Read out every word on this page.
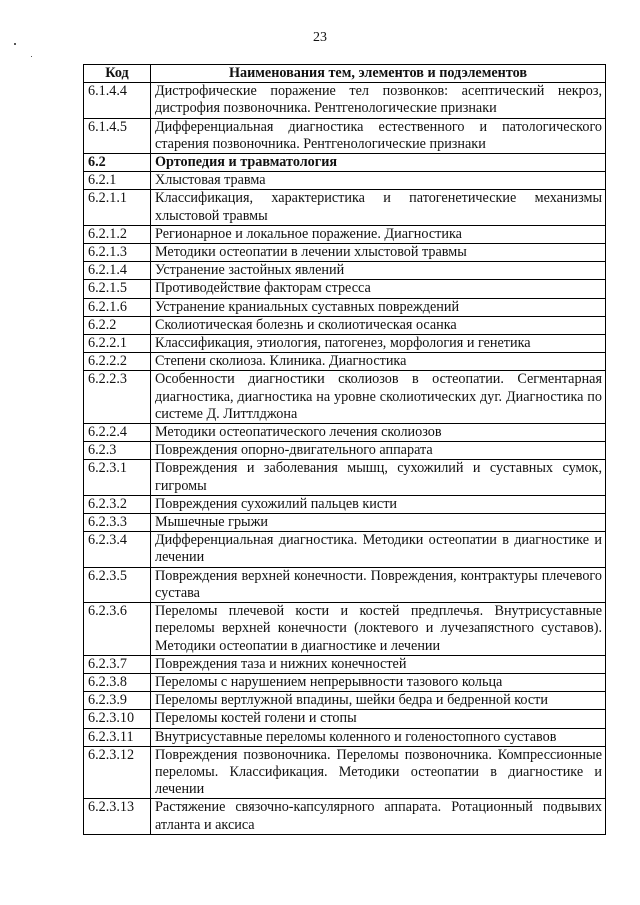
23
Код	Наименования тем, элементов и подэлементов
6.1.4.4	Дистрофические поражение тел позвонков: асептический некроз, дистрофия позвоночника. Рентгенологические признаки
6.1.4.5	Дифференциальная диагностика естественного и патологического старения позвоночника. Рентгенологические признаки
6.2	Ортопедия и травматология
6.2.1	Хлыстовая травма
6.2.1.1	Классификация, характеристика и патогенетические механизмы хлыстовой травмы
6.2.1.2	Регионарное и локальное поражение. Диагностика
6.2.1.3	Методики остеопатии в лечении хлыстовой травмы
6.2.1.4	Устранение застойных явлений
6.2.1.5	Противодействие факторам стресса
6.2.1.6	Устранение краниальных суставных повреждений
6.2.2	Сколиотическая болезнь и сколиотическая осанка
6.2.2.1	Классификация, этиология, патогенез, морфология и генетика
6.2.2.2	Степени сколиоза. Клиника. Диагностика
6.2.2.3	Особенности диагностики сколиозов в остеопатии. Сегментарная диагностика, диагностика на уровне сколиотических дуг. Диагностика по системе Д. Литтлджона
6.2.2.4	Методики остеопатического лечения сколиозов
6.2.3	Повреждения опорно-двигательного аппарата
6.2.3.1	Повреждения и заболевания мышц, сухожилий и суставных сумок, гигромы
6.2.3.2	Повреждения сухожилий пальцев кисти
6.2.3.3	Мышечные грыжи
6.2.3.4	Дифференциальная диагностика. Методики остеопатии в диагностике и лечении
6.2.3.5	Повреждения верхней конечности. Повреждения, контрактуры плечевого сустава
6.2.3.6	Переломы плечевой кости и костей предплечья. Внутрисуставные переломы верхней конечности (локтевого и лучезапястного суставов). Методики остеопатии в диагностике и лечении
6.2.3.7	Повреждения таза и нижних конечностей
6.2.3.8	Переломы с нарушением непрерывности тазового кольца
6.2.3.9	Переломы вертлужной впадины, шейки бедра и бедренной кости
6.2.3.10	Переломы костей голени и стопы
6.2.3.11	Внутрисуставные переломы коленного и голеностопного суставов
6.2.3.12	Повреждения позвоночника. Переломы позвоночника. Компрессионные переломы. Классификация. Методики остеопатии в диагностике и лечении
6.2.3.13	Растяжение связочно-капсулярного аппарата. Ротационный подвывих атланта и аксиса
